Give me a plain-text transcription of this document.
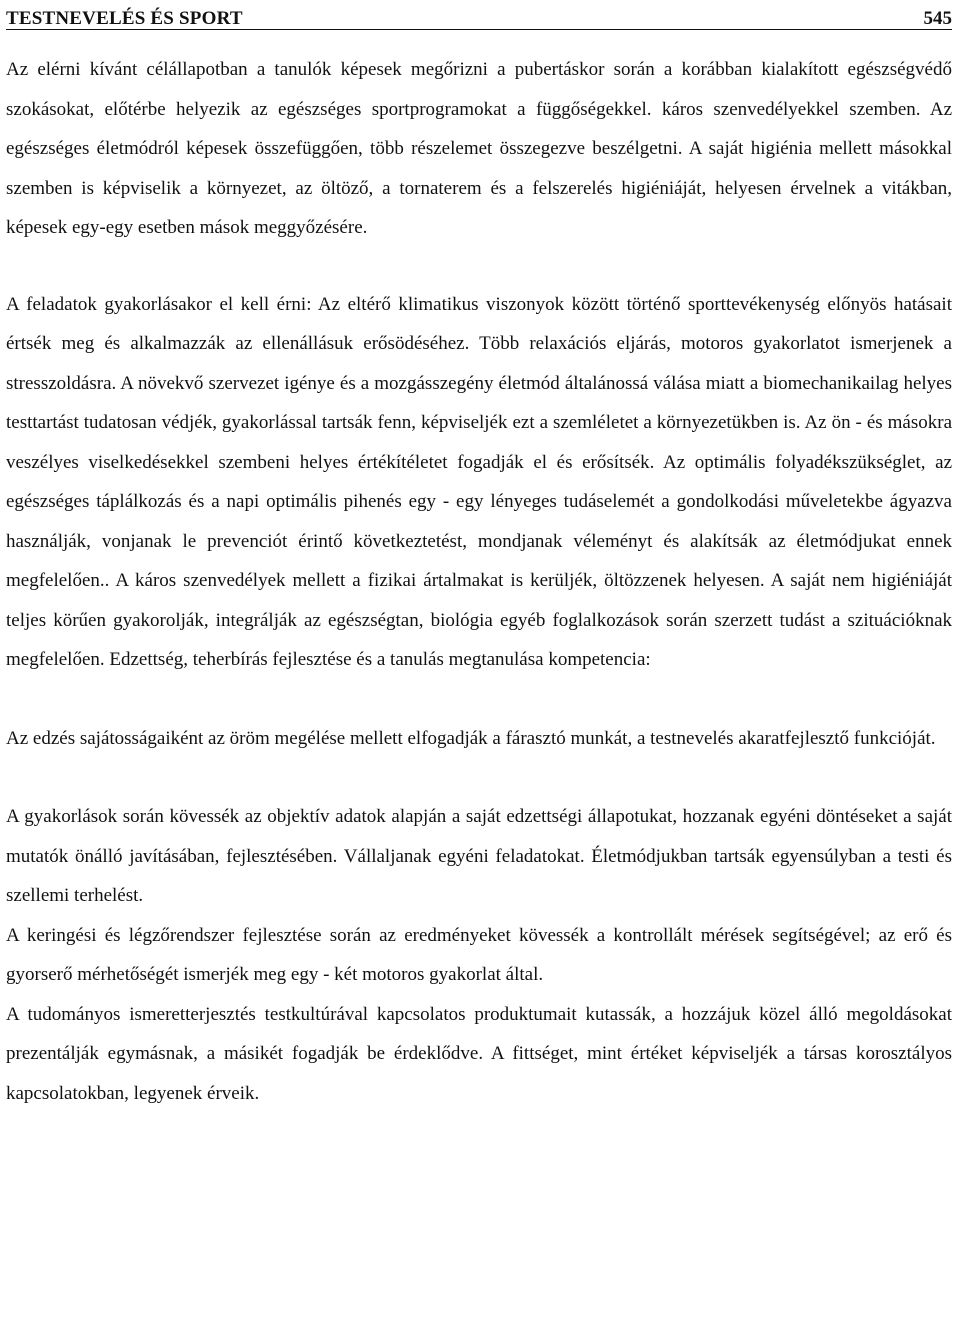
TESTNEVELÉS ÉS SPORT	545

Az elérni kívánt célállapotban a tanulók képesek megőrizni a pubertáskor során a korábban kialakított egészségvédő szokásokat, előtérbe helyezik az egészséges sportprogramokat a függőségekkel. káros szenvedélyekkel szemben. Az egészséges életmódról képesek összefüggően, több részelemet összegezve beszélgetni. A saját higiénia mellett másokkal szemben is képviselik a környezet, az öltöző, a tornaterem és a felszerelés higiéniáját, helyesen érvelnek a vitákban, képesek egy-egy esetben mások meggyőzésére.

A feladatok gyakorlásakor el kell érni: Az eltérő klimatikus viszonyok között történő sporttevékenység előnyös hatásait értsék meg és alkalmazzák az ellenállásuk erősödéséhez. Több relaxációs eljárás, motoros gyakorlatot ismerjenek a stresszoldásra. A növekvő szervezet igénye és a mozgásszegény életmód általánossá válása miatt a biomechanikailag helyes testtartást tudatosan védjék, gyakorlással tartsák fenn, képviseljék ezt a szemléletet a környezetükben is. Az ön - és másokra veszélyes viselkedésekkel szembeni helyes értékítéletet fogadják el és erősítsék. Az optimális folyadékszükséglet, az egészséges táplálkozás és a napi optimális pihenés egy - egy lényeges tudáselemét a gondolkodási műveletekbe ágyazva használják, vonjanak le prevenciót érintő következtetést, mondjanak véleményt és alakítsák az életmódjukat ennek megfelelően.. A káros szenvedélyek mellett a fizikai ártalmakat is kerüljék, öltözzenek helyesen. A saját nem higiéniáját teljes körűen gyakorolják, integrálják az egészségtan, biológia egyéb foglalkozások során szerzett tudást a szituációknak megfelelően. Edzettség, teherbírás fejlesztése és a tanulás megtanulása kompetencia:

Az edzés sajátosságaiként az öröm megélése mellett elfogadják a fárasztó munkát, a testnevelés akaratfejlesztő funkcióját.

A gyakorlások során kövessék az objektív adatok alapján a saját edzettségi állapotukat, hozzanak egyéni döntéseket a saját mutatók önálló javításában, fejlesztésében. Vállaljanak egyéni feladatokat. Életmódjukban tartsák egyensúlyban a testi és szellemi terhelést.

A keringési és légzőrendszer fejlesztése során az eredményeket kövessék a kontrollált mérések segítségével; az erő és gyorserő mérhetőségét ismerjék meg egy - két motoros gyakorlat által.

A tudományos ismeretterjesztés testkultúrával kapcsolatos produktumait kutassák, a hozzájuk közel álló megoldásokat prezentálják egymásnak, a másikét fogadják be érdeklődve. A fittséget, mint értéket képviseljék a társas korosztályos kapcsolatokban, legyenek érveik.
